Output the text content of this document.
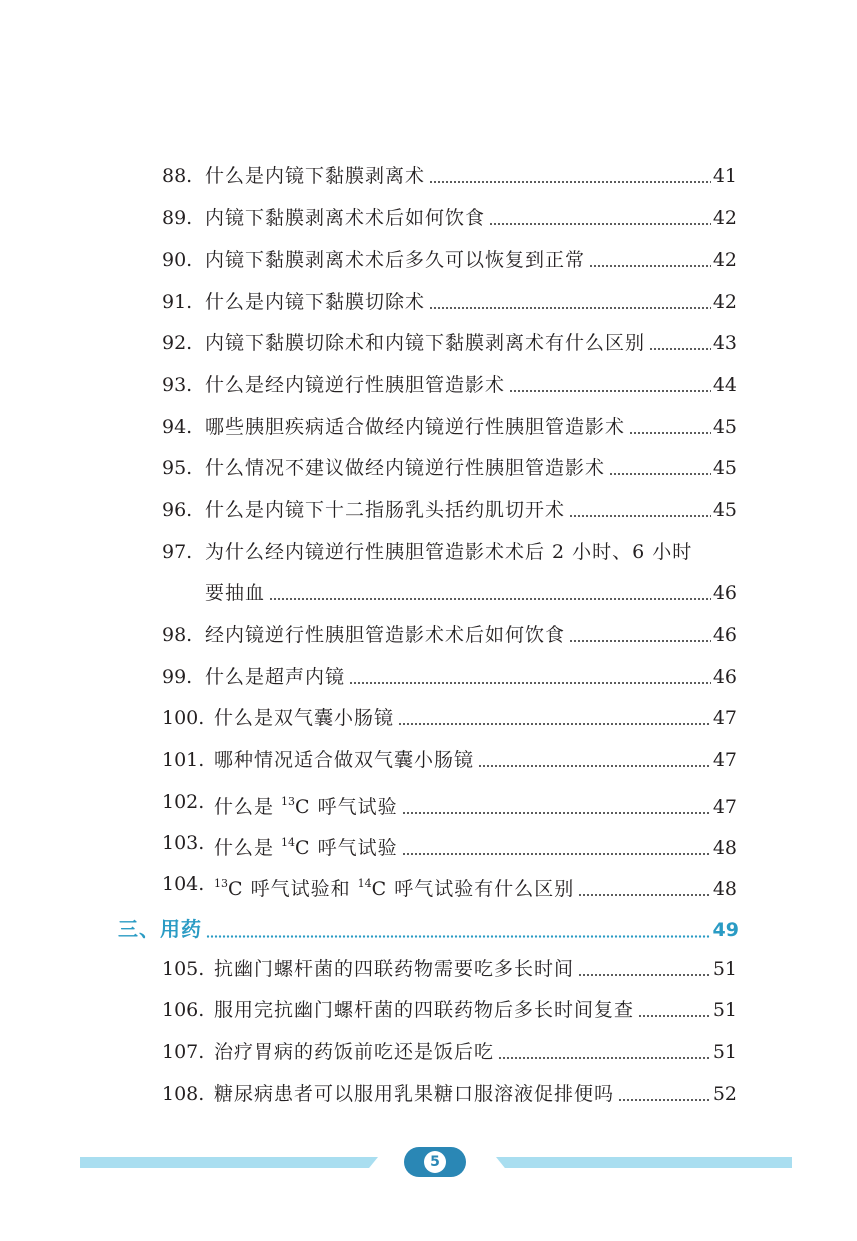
88. 什么是内镜下黏膜剥离术	41
89. 内镜下黏膜剥离术术后如何饮食	42
90. 内镜下黏膜剥离术术后多久可以恢复到正常	42
91. 什么是内镜下黏膜切除术	42
92. 内镜下黏膜切除术和内镜下黏膜剥离术有什么区别	43
93. 什么是经内镜逆行性胰胆管造影术	44
94. 哪些胰胆疾病适合做经内镜逆行性胰胆管造影术	45
95. 什么情况不建议做经内镜逆行性胰胆管造影术	45
96. 什么是内镜下十二指肠乳头括约肌切开术	45
97. 为什么经内镜逆行性胰胆管造影术术后 2 小时、6 小时
要抽血	46
98. 经内镜逆行性胰胆管造影术术后如何饮食	46
99. 什么是超声内镜	46
100. 什么是双气囊小肠镜	47
101. 哪种情况适合做双气囊小肠镜	47
102. 什么是 $^{13}$C 呼气试验	47
103. 什么是 $^{14}$C 呼气试验	48
104. $^{13}$C 呼气试验和 $^{14}$C 呼气试验有什么区别	48
三、用药	49
105. 抗幽门螺杆菌的四联药物需要吃多长时间	51
106. 服用完抗幽门螺杆菌的四联药物后多长时间复查	51
107. 治疗胃病的药饭前吃还是饭后吃	51
108. 糖尿病患者可以服用乳果糖口服溶液促排便吗	52
5
